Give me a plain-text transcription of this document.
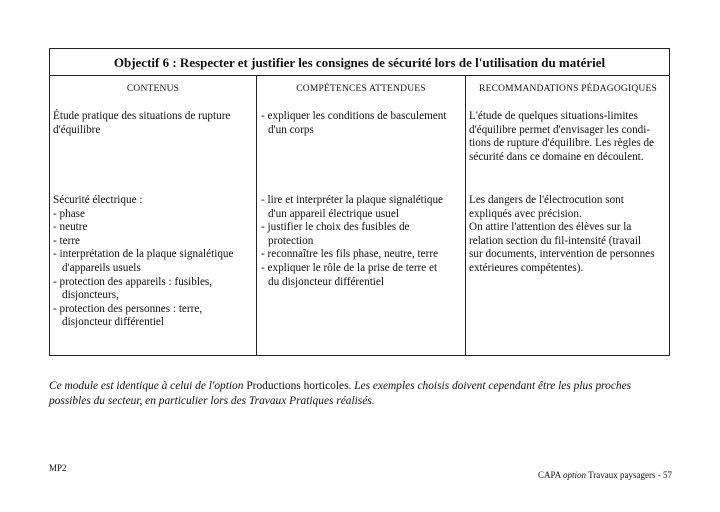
Objectif 6 : Respecter et justifier les consignes de sécurité lors de l'utilisation du matériel
CONTENUS	COMPÉTENCES ATTENDUES	RECOMMANDATIONS PÉDAGOGIQUES
Étude pratique des situations de rupture
d'équilibre
- expliquer les conditions de basculement
d'un corps
L'étude de quelques situations-limites
d'équilibre permet d'envisager les condi-
tions de rupture d'équilibre. Les règles de
sécurité dans ce domaine en découlent.
Sécurité électrique :
- phase
- neutre
- terre
- interprétation de la plaque signalétique
d'appareils usuels
- protection des appareils : fusibles,
disjoncteurs,
- protection des personnes : terre,
disjoncteur différentiel
- lire et interpréter la plaque signalétique
d'un appareil électrique usuel
- justifier le choix des fusibles de
protection
- reconnaître les fils phase, neutre, terre
- expliquer le rôle de la prise de terre et
du disjoncteur différentiel
Les dangers de l'électrocution sont
expliqués avec précision.
On attire l'attention des élèves sur la
relation section du fil-intensité (travail
sur documents, intervention de personnes
extérieures compétentes).
Ce module est identique à celui de l'option Productions horticoles. Les exemples choisis doivent cependant être les plus proches
possibles du secteur, en particulier lors des Travaux Pratiques réalisés.
MP2
CAPA option Travaux paysagers - 57
